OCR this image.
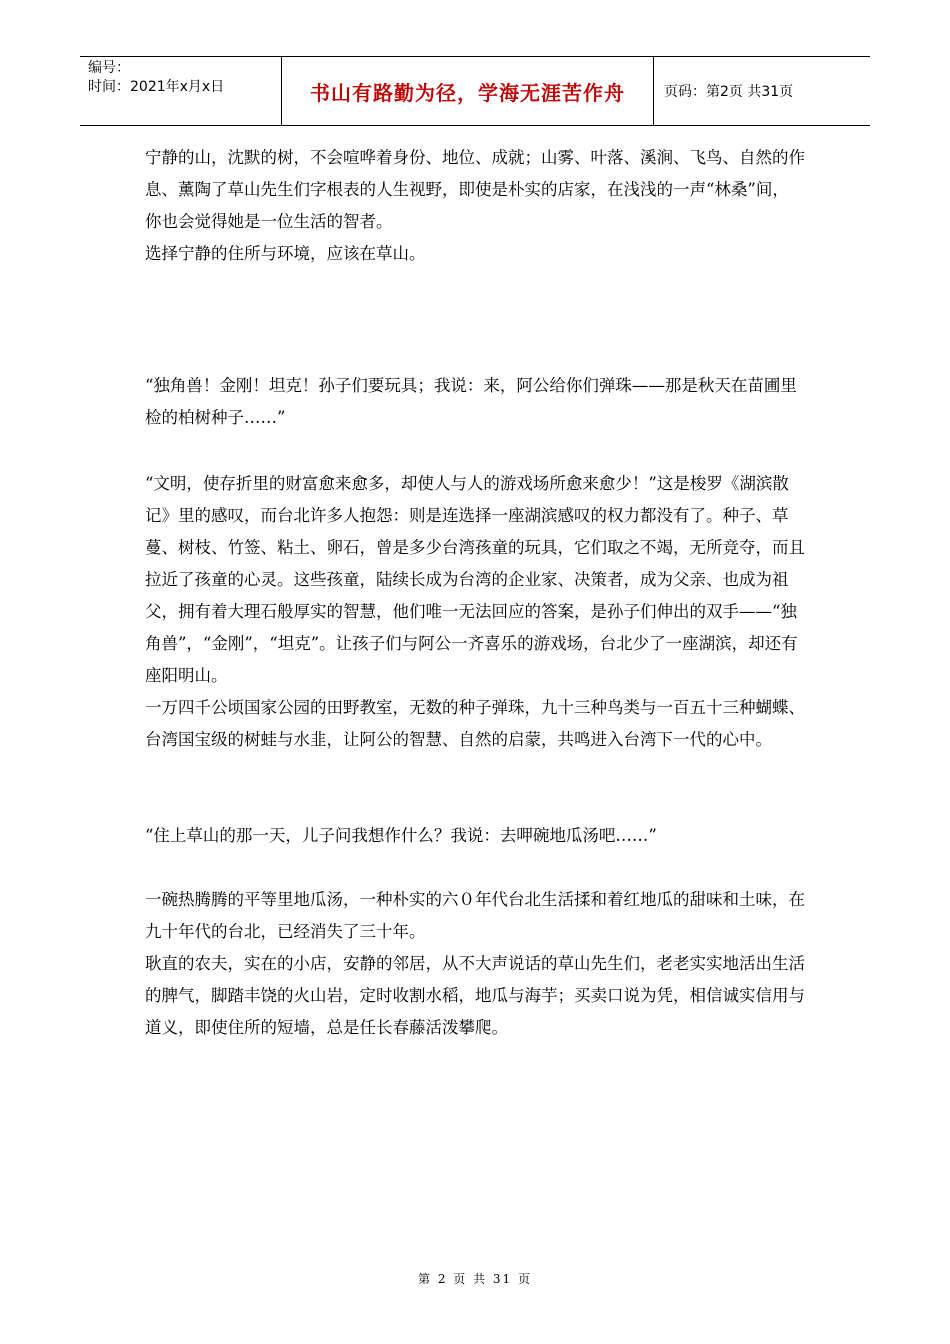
编号：
时间：2021年x月x日	书山有路勤为径，学海无涯苦作舟	页码：第2页 共31页

宁静的山，沈默的树，不会喧哗着身份、地位、成就；山雾、叶落、溪涧、飞鸟、自然的作息、薰陶了草山先生们字根表的人生视野，即使是朴实的店家，在浅浅的一声“林桑”间，你也会觉得她是一位生活的智者。

选择宁静的住所与环境，应该在草山。

“独角兽！金刚！坦克！孙子们要玩具；我说：来，阿公给你们弹珠——那是秋天在苗圃里检的柏树种子……”

“文明，使存折里的财富愈来愈多，却使人与人的游戏场所愈来愈少！”这是梭罗《湖滨散记》里的感叹，而台北许多人抱怨：则是连选择一座湖滨感叹的权力都没有了。种子、草蔓、树枝、竹签、粘土、卵石，曾是多少台湾孩童的玩具，它们取之不竭，无所竞夺，而且拉近了孩童的心灵。这些孩童，陆续长成为台湾的企业家、决策者，成为父亲、也成为祖父，拥有着大理石般厚实的智慧，他们唯一无法回应的答案，是孙子们伸出的双手——“独角兽”，“金刚”，“坦克”。让孩子们与阿公一齐喜乐的游戏场，台北少了一座湖滨，却还有座阳明山。

一万四千公顷国家公园的田野教室，无数的种子弹珠，九十三种鸟类与一百五十三种蝴蝶、台湾国宝级的树蛙与水韭，让阿公的智慧、自然的启蒙，共鸣进入台湾下一代的心中。

“住上草山的那一天，儿子问我想作什么？我说：去呷碗地瓜汤吧……”

一碗热腾腾的平等里地瓜汤，一种朴实的六０年代台北生活揉和着红地瓜的甜味和土味，在九十年代的台北，已经消失了三十年。

耿直的农夫，实在的小店，安静的邻居，从不大声说话的草山先生们，老老实实地活出生活的脾气，脚踏丰饶的火山岩，定时收割水稻，地瓜与海芋；买卖口说为凭，相信诚实信用与道义，即使住所的短墙，总是任长春藤活泼攀爬。

第 2 页 共 31 页
